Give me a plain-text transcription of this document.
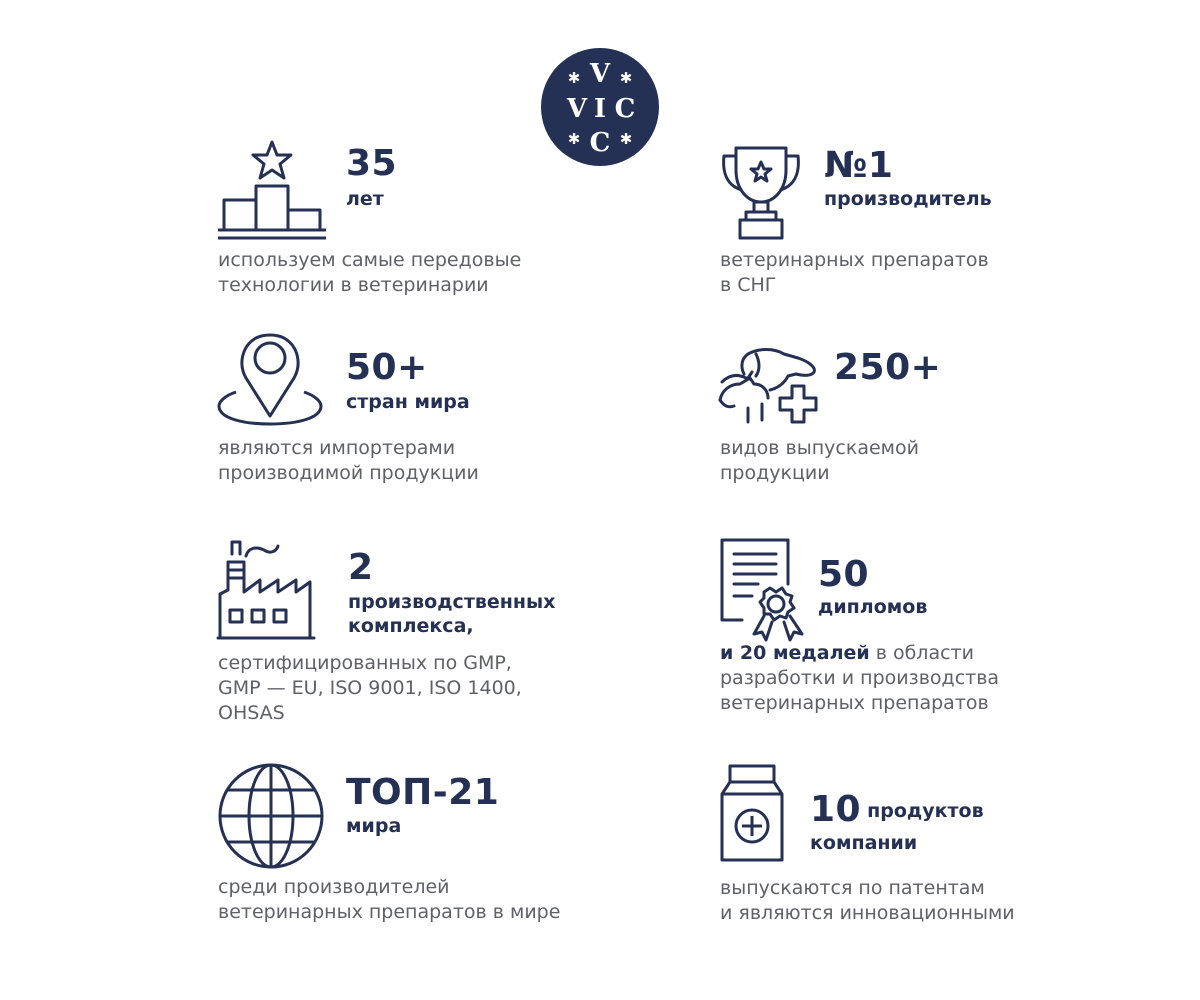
V
V I C
C
✱	✱
✱	✱
35
лет
используем самые передовые
технологии в ветеринарии
№1
производитель
ветеринарных препаратов
в СНГ
50+
стран мира
являются импортерами
производимой продукции
250+
видов выпускаемой
продукции
2
производственных
комплекса,
сертифицированных по GMP,
GMP — EU, ISO 9001, ISO 1400,
OHSAS
50
дипломов
и 20 медалей в области
разработки и производства
ветеринарных препаратов
ТОП-21
мира
среди производителей
ветеринарных препаратов в мире
10 продуктов
компании
выпускаются по патентам
и являются инновационными
